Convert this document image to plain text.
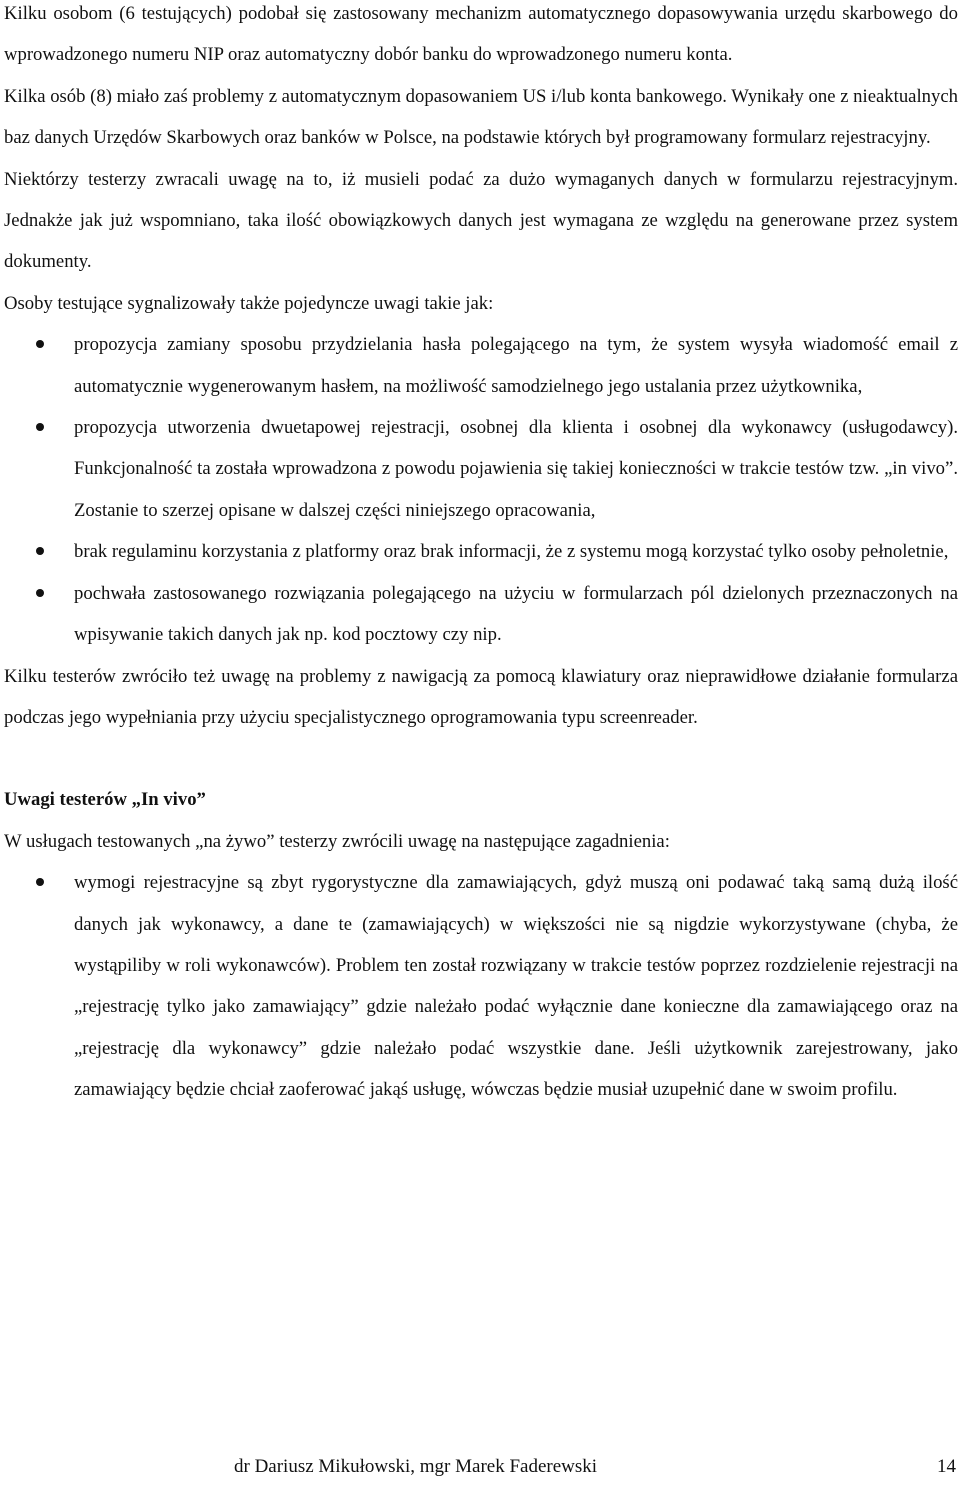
Kilku osobom (6 testujących) podobał się zastosowany mechanizm automatycznego dopasowywania urzędu skarbowego do wprowadzonego numeru NIP oraz automatyczny dobór banku do wprowadzonego numeru konta.

Kilka osób (8) miało zaś problemy z automatycznym dopasowaniem US i/lub konta bankowego. Wynikały one z nieaktualnych baz danych Urzędów Skarbowych oraz banków w Polsce, na podstawie których był programowany formularz rejestracyjny.

Niektórzy testerzy zwracali uwagę na to, iż musieli podać za dużo wymaganych danych w formularzu rejestracyjnym. Jednakże jak już wspomniano, taka ilość obowiązkowych danych jest wymagana ze względu na generowane przez system dokumenty.

Osoby testujące sygnalizowały także pojedyncze uwagi takie jak:

propozycja zamiany sposobu przydzielania hasła polegającego na tym, że system wysyła wiadomość email z automatycznie wygenerowanym hasłem, na możliwość samodzielnego jego ustalania przez użytkownika,
propozycja utworzenia dwuetapowej rejestracji, osobnej dla klienta i osobnej dla wykonawcy (usługodawcy). Funkcjonalność ta została wprowadzona z powodu pojawienia się takiej konieczności w trakcie testów tzw. „in vivo”. Zostanie to szerzej opisane w dalszej części niniejszego opracowania,
brak regulaminu korzystania z platformy oraz brak informacji, że z systemu mogą korzystać tylko osoby pełnoletnie,
pochwała zastosowanego rozwiązania polegającego na użyciu w formularzach pól dzielonych przeznaczonych na wpisywanie takich danych jak np. kod pocztowy czy nip.

Kilku testerów zwróciło też uwagę na problemy z nawigacją za pomocą klawiatury oraz nieprawidłowe działanie formularza podczas jego wypełniania przy użyciu specjalistycznego oprogramowania typu screenreader.

Uwagi testerów „In vivo”

W usługach testowanych „na żywo” testerzy zwrócili uwagę na następujące zagadnienia:

wymogi rejestracyjne są zbyt rygorystyczne dla zamawiających, gdyż muszą oni podawać taką samą dużą ilość danych jak wykonawcy, a dane te (zamawiających) w większości nie są nigdzie wykorzystywane (chyba, że wystąpiliby w roli wykonawców). Problem ten został rozwiązany w trakcie testów poprzez rozdzielenie rejestracji na „rejestrację tylko jako zamawiający” gdzie należało podać wyłącznie dane konieczne dla zamawiającego oraz na „rejestrację dla wykonawcy” gdzie należało podać wszystkie dane. Jeśli użytkownik zarejestrowany, jako zamawiający będzie chciał zaoferować jakąś usługę, wówczas będzie musiał uzupełnić dane w swoim profilu.
dr Dariusz Mikułowski, mgr Marek Faderewski	14
